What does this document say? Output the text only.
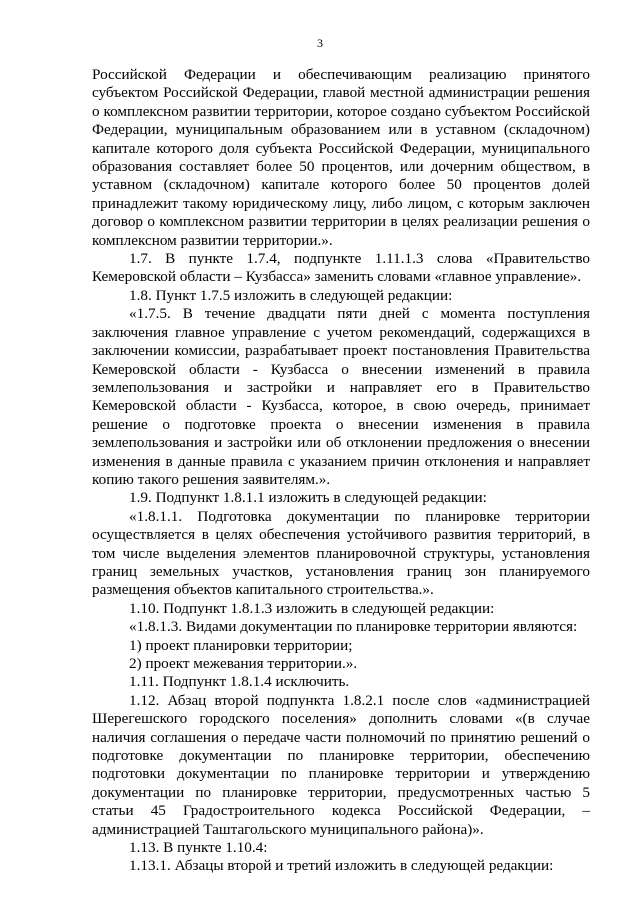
3

Российской Федерации и обеспечивающим реализацию принятого субъектом Российской Федерации, главой местной администрации решения о комплексном развитии территории, которое создано субъектом Российской Федерации, муниципальным образованием или в уставном (складочном) капитале которого доля субъекта Российской Федерации, муниципального образования составляет более 50 процентов, или дочерним обществом, в уставном (складочном) капитале которого более 50 процентов долей принадлежит такому юридическому лицу, либо лицом, с которым заключен договор о комплексном развитии территории в целях реализации решения о комплексном развитии территории.».

1.7. В пункте 1.7.4, подпункте 1.11.1.3 слова «Правительство Кемеровской области – Кузбасса» заменить словами «главное управление».

1.8. Пункт 1.7.5 изложить в следующей редакции:

«1.7.5. В течение двадцати пяти дней с момента поступления заключения главное управление с учетом рекомендаций, содержащихся в заключении комиссии, разрабатывает проект постановления Правительства Кемеровской области - Кузбасса о внесении изменений в правила землепользования и застройки и направляет его в Правительство Кемеровской области - Кузбасса, которое, в свою очередь, принимает решение о подготовке проекта о внесении изменения в правила землепользования и застройки или об отклонении предложения о внесении изменения в данные правила с указанием причин отклонения и направляет копию такого решения заявителям.».

1.9. Подпункт 1.8.1.1 изложить в следующей редакции:

«1.8.1.1. Подготовка документации по планировке территории осуществляется в целях обеспечения устойчивого развития территорий, в том числе выделения элементов планировочной структуры, установления границ земельных участков, установления границ зон планируемого размещения объектов капитального строительства.».

1.10. Подпункт 1.8.1.3 изложить в следующей редакции:

«1.8.1.3. Видами документации по планировке территории являются:

1) проект планировки территории;

2) проект межевания территории.».

1.11. Подпункт 1.8.1.4 исключить.

1.12. Абзац второй подпункта 1.8.2.1 после слов «администрацией Шерегешского городского поселения» дополнить словами «(в случае наличия соглашения о передаче части полномочий по принятию решений о подготовке документации по планировке территории, обеспечению подготовки документации по планировке территории и утверждению документации по планировке территории, предусмотренных частью 5 статьи 45 Градостроительного кодекса Российской Федерации, – администрацией Таштагольского муниципального района)».

1.13. В пункте 1.10.4:

1.13.1. Абзацы второй и третий изложить в следующей редакции:
